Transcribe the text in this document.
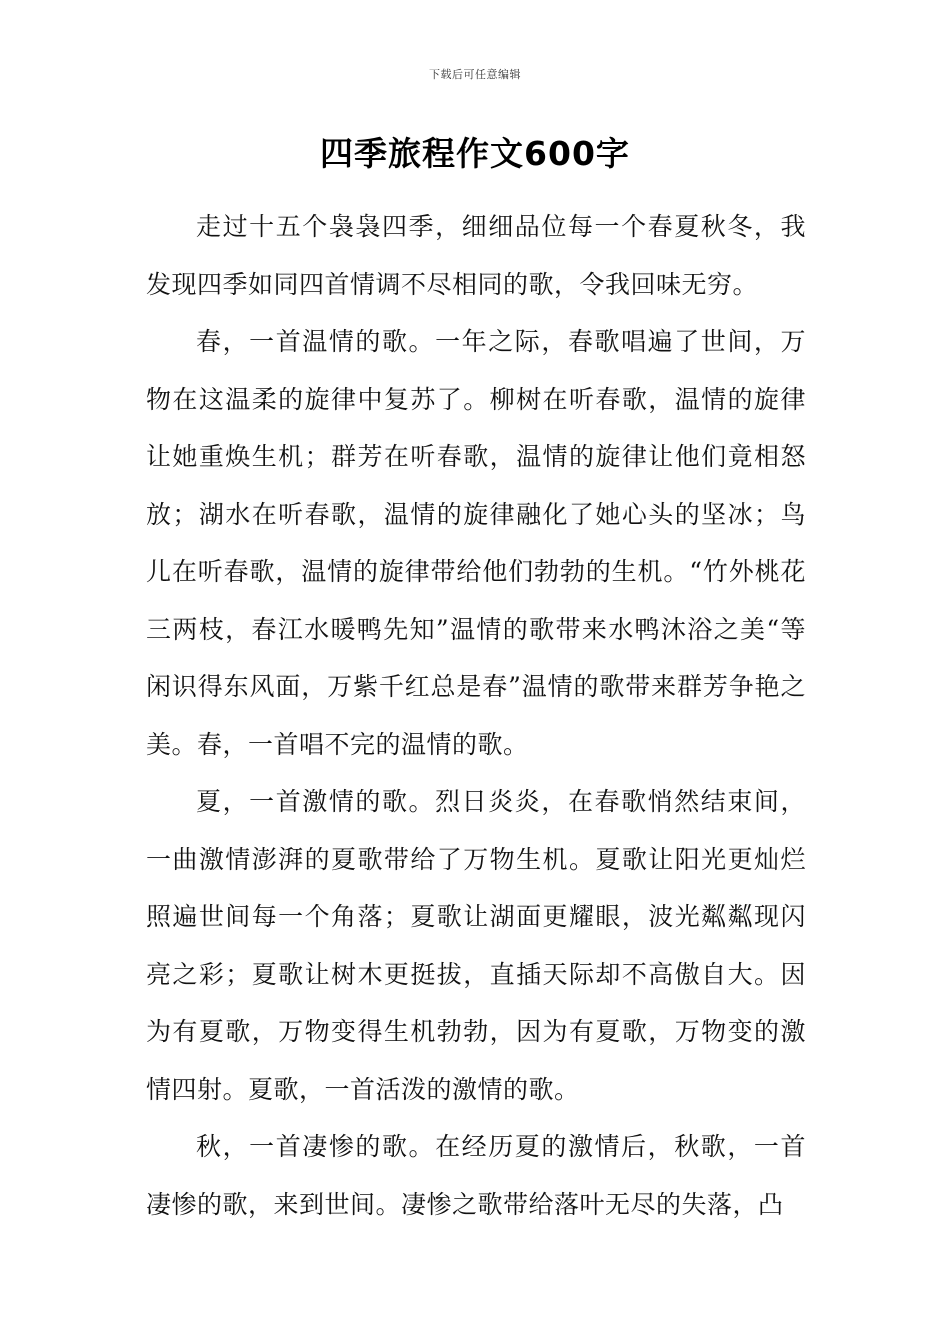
下载后可任意编辑
四季旅程作文600字

走过十五个袅袅四季，细细品位每一个春夏秋冬，我发现四季如同四首情调不尽相同的歌，令我回味无穷。

春，一首温情的歌。一年之际，春歌唱遍了世间，万物在这温柔的旋律中复苏了。柳树在听春歌，温情的旋律让她重焕生机；群芳在听春歌，温情的旋律让他们竟相怒放；湖水在听春歌，温情的旋律融化了她心头的坚冰；鸟儿在听春歌，温情的旋律带给他们勃勃的生机。“竹外桃花三两枝，春江水暖鸭先知”温情的歌带来水鸭沐浴之美“等闲识得东风面，万紫千红总是春”温情的歌带来群芳争艳之美。春，一首唱不完的温情的歌。

夏，一首激情的歌。烈日炎炎，在春歌悄然结束间，一曲激情澎湃的夏歌带给了万物生机。夏歌让阳光更灿烂照遍世间每一个角落；夏歌让湖面更耀眼，波光粼粼现闪亮之彩；夏歌让树木更挺拔，直插天际却不高傲自大。因为有夏歌，万物变得生机勃勃，因为有夏歌，万物变的激情四射。夏歌，一首活泼的激情的歌。

秋，一首凄惨的歌。在经历夏的激情后，秋歌，一首凄惨的歌，来到世间。凄惨之歌带给落叶无尽的失落，凸
